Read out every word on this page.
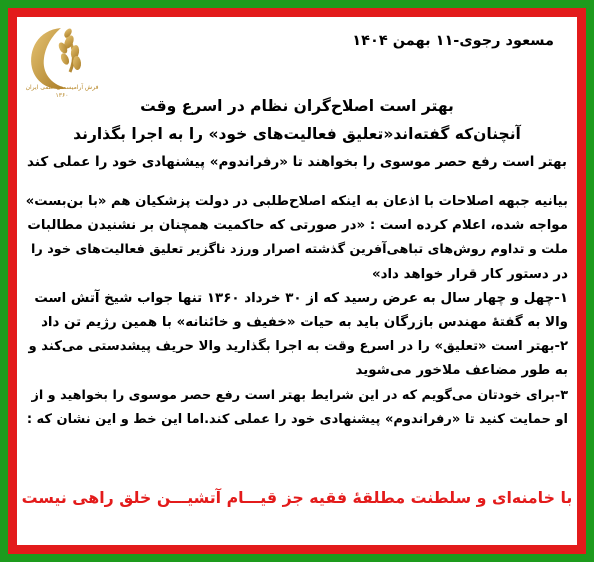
فرش آرامیسمنی علمی ایران
۱۳۶۰
مسعود رجوی-۱۱ بهمن ۱۴۰۴
بهتر است اصلاح‌گران نظام در اسرع وقت
آنچنان‌که گفته‌اند«تعلیق فعالیت‌های خود» را به اجرا بگذارند
بهتر است رفع حصر موسوی را بخواهند تا «رفراندوم» پیشنهادی خود را عملی کند
بیانیه جبهه اصلاحات با اذعان به اینکه اصلاح‌طلبی در دولت پزشکیان هم «با بن‌بست»
مواجه شده، اعلام کرده است : «در صورتی که حاکمیت همچنان بر نشنیدن مطالبات
ملت و تداوم روش‌های تباهی‌آفرین گذشته اصرار ورزد ناگزیر تعلیق فعالیت‌های خود را
در دستور کار قرار خواهد داد»
۱-چهل و چهار سال به عرض رسید که از ۳۰ خرداد ۱۳۶۰ تنها جواب شیخ آتش است
والا به گفتهٔ مهندس بازرگان باید به حیات «خفیف و خائنانه» با همین رژیم تن داد
۲-بهتر است «تعلیق» را در اسرع وقت به اجرا بگذارید والا حریف پیشدستی می‌کند و
به طور مضاعف ملاخور می‌شوید
۳-برای خودتان می‌گویم که در این شرایط بهتر است رفع حصر موسوی را بخواهید و از
او حمایت کنید تا «رفراندوم» پیشنهادی خود را عملی کند.اما این خط و این نشان که :
با خامنه‌ای و سلطنت مطلقهٔ فقیه جز قیـــام آتشیـــن خلق راهی نیست
